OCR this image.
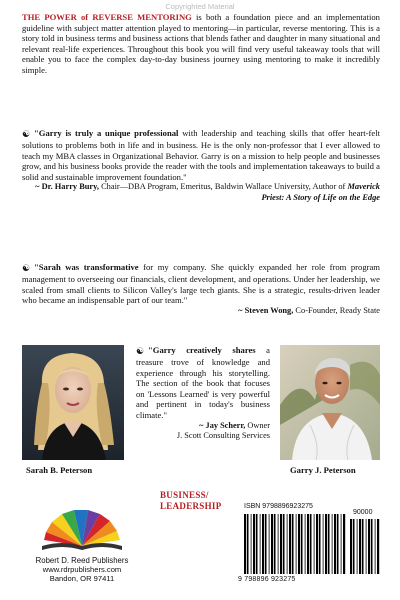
Copyrighted Material
THE POWER of REVERSE MENTORING is both a foundation piece and an implementation guideline with subject matter attention played to mentoring—in particular, reverse mentoring. This is a story told in business terms and business actions that blends father and daughter in many situational and relevant real-life experiences. Throughout this book you will find very useful takeaway tools that will enable you to face the complex day-to-day business journey using mentoring to make it incredibly simple.
☯ "Garry is truly a unique professional with leadership and teaching skills that offer heart-felt solutions to problems both in life and in business. He is the only non-professor that I ever allowed to teach my MBA classes in Organizational Behavior. Garry is on a mission to help people and businesses grow, and his business books provide the reader with the tools and implementation takeaways to build a solid and sustainable improvement foundation."
~ Dr. Harry Bury, Chair—DBA Program, Emeritus, Baldwin Wallace University, Author of Maverick Priest: A Story of Life on the Edge
☯ "Sarah was transformative for my company. She quickly expanded her role from program management to overseeing our financials, client development, and operations. Under her leadership, we scaled from small clients to Silicon Valley's large tech giants. She is a strategic, results-driven leader who became an indispensable part of our team."
~ Steven Wong, Co-Founder, Ready State
Sarah B. Peterson
☯ "Garry creatively shares a treasure trove of knowledge and experience through his storytelling. The section of the book that focuses on 'Lessons Learned' is very powerful and pertinent in today's business climate."
~ Jay Scherr, Owner
J. Scott Consulting Services
Garry J. Peterson
BUSINESS/
LEADERSHIP
Robert D. Reed Publishers
www.rdrpublishers.com
Bandon, OR 97411
ISBN 9798896923275
90000
9 798896 923275
